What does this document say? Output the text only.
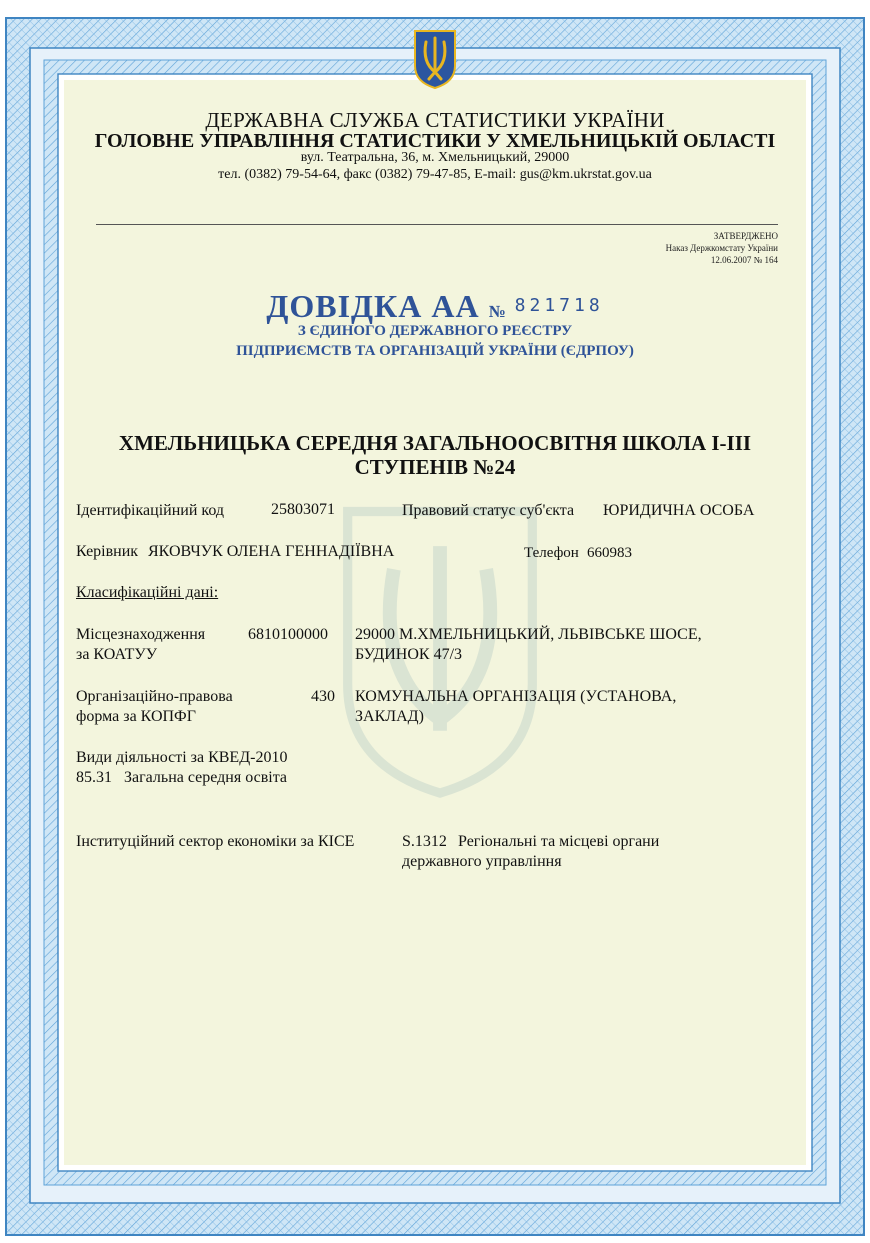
ДЕРЖАВНА СЛУЖБА СТАТИСТИКИ УКРАЇНИ
ГОЛОВНЕ УПРАВЛІННЯ СТАТИСТИКИ У ХМЕЛЬНИЦЬКІЙ ОБЛАСТІ
вул. Театральна, 36, м. Хмельницький, 29000
тел. (0382) 79-54-64, факс (0382) 79-47-85, E-mail: gus@km.ukrstat.gov.ua
ЗАТВЕРДЖЕНО
Наказ Держкомстату України
12.06.2007 № 164
ДОВІДКА АА № 821718
З ЄДИНОГО ДЕРЖАВНОГО РЕЄСТРУ
ПІДПРИЄМСТВ ТА ОРГАНІЗАЦІЙ УКРАЇНИ (ЄДРПОУ)
ХМЕЛЬНИЦЬКА СЕРЕДНЯ ЗАГАЛЬНООСВІТНЯ ШКОЛА І-ІІІ
СТУПЕНІВ №24
Ідентифікаційний код	25803071	Правовий статус суб'єкта ЮРИДИЧНА ОСОБА
Керівник ЯКОВЧУК ОЛЕНА ГЕННАДІЇВНА	Телефон 660983
Класифікаційні дані:
Місцезнаходження
за КОАТУУ
6810100000 29000 М.ХМЕЛЬНИЦЬКИЙ, ЛЬВІВСЬКЕ ШОСЕ,
БУДИНОК 47/3
Організаційно-правова
форма за КОПФГ
430 КОМУНАЛЬНА ОРГАНІЗАЦІЯ (УСТАНОВА,
ЗАКЛАД)
Види діяльності за КВЕД-2010
85.31 Загальна середня освіта
Інституційний сектор економіки за КІСЕ	S.1312 Регіональні та місцеві органи
державного управління
